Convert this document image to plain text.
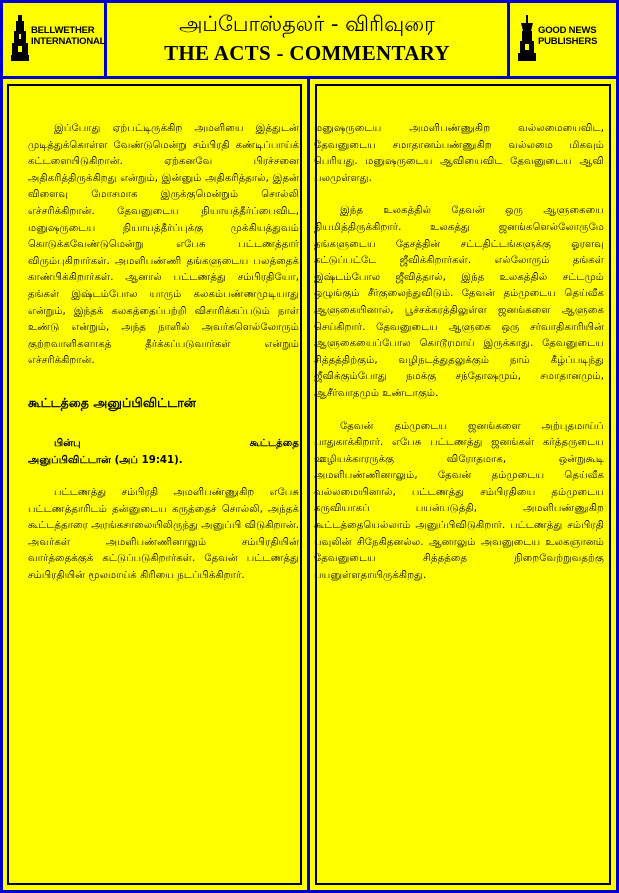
BELLWETHER
INTERNATIONAL
அப்போஸ்தலர் - விரிவுரை
THE ACTS - COMMENTARY
GOOD NEWS
PUBLISHERS

இப்போது ஏற்பட்டிருக்கிற அமளியை இத்துடன் முடித்துக்கொள்ள வேண்டுமென்று சம்பிரதி கண்டிப்பாய்க் கட்டளையிடுகிறான். ஏற்கனவே பிரச்சனை அதிகரித்திருக்கிறது என்றும், இன்னும் அதிகரித்தால், இதன் விளைவு மோசமாக இருக்குமென்றும் சொல்லி எச்சரிக்கிறான். தேவனுடைய நியாயத்தீர்ப்பைவிட, மனுஷருடைய நியாயத்தீர்ப்புக்கு முக்கியத்துவம் கொடுக்கவேண்டுமென்று எபேசு பட்டணத்தார் விரும்புகிறார்கள். அமளிபண்ணி தங்களுடைய பலத்தைக் காண்பிக்கிறார்கள். ஆனால் பட்டணத்து சம்பிரதியோ, தங்கள் இஷ்டம்போல யாரும் கலகம்பண்ணமுடியாது என்றும், இந்தக் கலகத்தைப்பற்றி விசாரிக்கப்படும் நாள் உண்டு என்றும், அந்த நாளில் அவர்களெல்லோரும் குற்றவாளிகளாகத் தீர்க்கப்படுவார்கள் என்றும் எச்சரிக்கிறான்.

கூட்டத்தை அனுப்பிவிட்டான்

பின்பு கூட்டத்தை

அனுப்பிவிட்டான் (அப் 19:41).

பட்டணத்து சம்பிரதி அமளிபண்ணுகிற எபேசு பட்டணத்தாரிடம் தன்னுடைய கருத்தைச் சொல்லி, அந்தக் கூட்டத்தாரை அரங்கசாலையிலிருந்து அனுப்பி விடுகிறான். அவர்கள் அமளிபண்ணினாலும் சம்பிரதியின் வார்த்தைக்குக் கட்டுப்படுகிறார்கள். தேவன் பட்டணத்து சம்பிரதியின் மூலமாய்க் கிரியை நடப்பிக்கிறார்.

மனுஷருடைய அமளிபண்ணுகிற வல்லமையைவிட, தேவனுடைய சமாதானம்பண்ணுகிற வல்லமை மிகவும் பெரியது. மனுஷருடைய ஆவியைவிட தேவனுடைய ஆவி பலமுள்ளது.

இந்த உலகத்தில் தேவன் ஒரு ஆளுகையை நியமித்திருக்கிறார். உலகத்து ஜனங்களெல்லோருமே தங்களுடைய தேசத்தின் சட்டதிட்டங்களுக்கு ஓரளவு கட்டுப்பட்டே ஜீவிக்கிறார்கள். எல்லோரும் தங்கள் இஷ்டம்போல ஜீவித்தால், இந்த உலகத்தில் சட்டமும் ஒழுங்கும் சீர்குலைந்துவிடும். தேவன் தம்முடைய தெய்வீக ஆளுகையினால், பூச்சக்கரத்திலுள்ள ஜனங்களை ஆளுகை செய்கிறார். தேவனுடைய ஆளுகை ஒரு சர்வாதிகாரியின் ஆளுகையைப்போல கொடூரமாய் இருக்காது. தேவனுடைய சித்தத்திற்கும், வழிநடத்துதலுக்கும் நாம் கீழ்ப்படிந்து ஜீவிக்கும்போது நமக்கு சந்தோஷமும், சமாதானமும், ஆசீர்வாதமும் உண்டாகும்.

தேவன் தம்முடைய ஜனங்களை அற்புதமாய்ப் பாதுகாக்கிறார். எபேசு பட்டணத்து ஜனங்கள் கர்த்தருடைய ஊழியக்காரருக்கு விரோதமாக, ஒன்றுகூடி அமளிபண்ணினாலும், தேவன் தம்முடைய தெய்வீக வல்லமையினால், பட்டணத்து சம்பிரதியை தம்முடைய கருவியாகப் பயன்படுத்தி, அமளிபண்ணுகிற கூட்டத்தையெல்லாம் அனுப்பிவிடுகிறார். பட்டணத்து சம்பிரதி பவுலின் சிநேகிதனல்ல. ஆனாலும் அவனுடைய உலகஞானம் தேவனுடைய சித்தத்தை நிறைவேற்றுவதற்கு பயனுள்ளதாயிருக்கிறது.
